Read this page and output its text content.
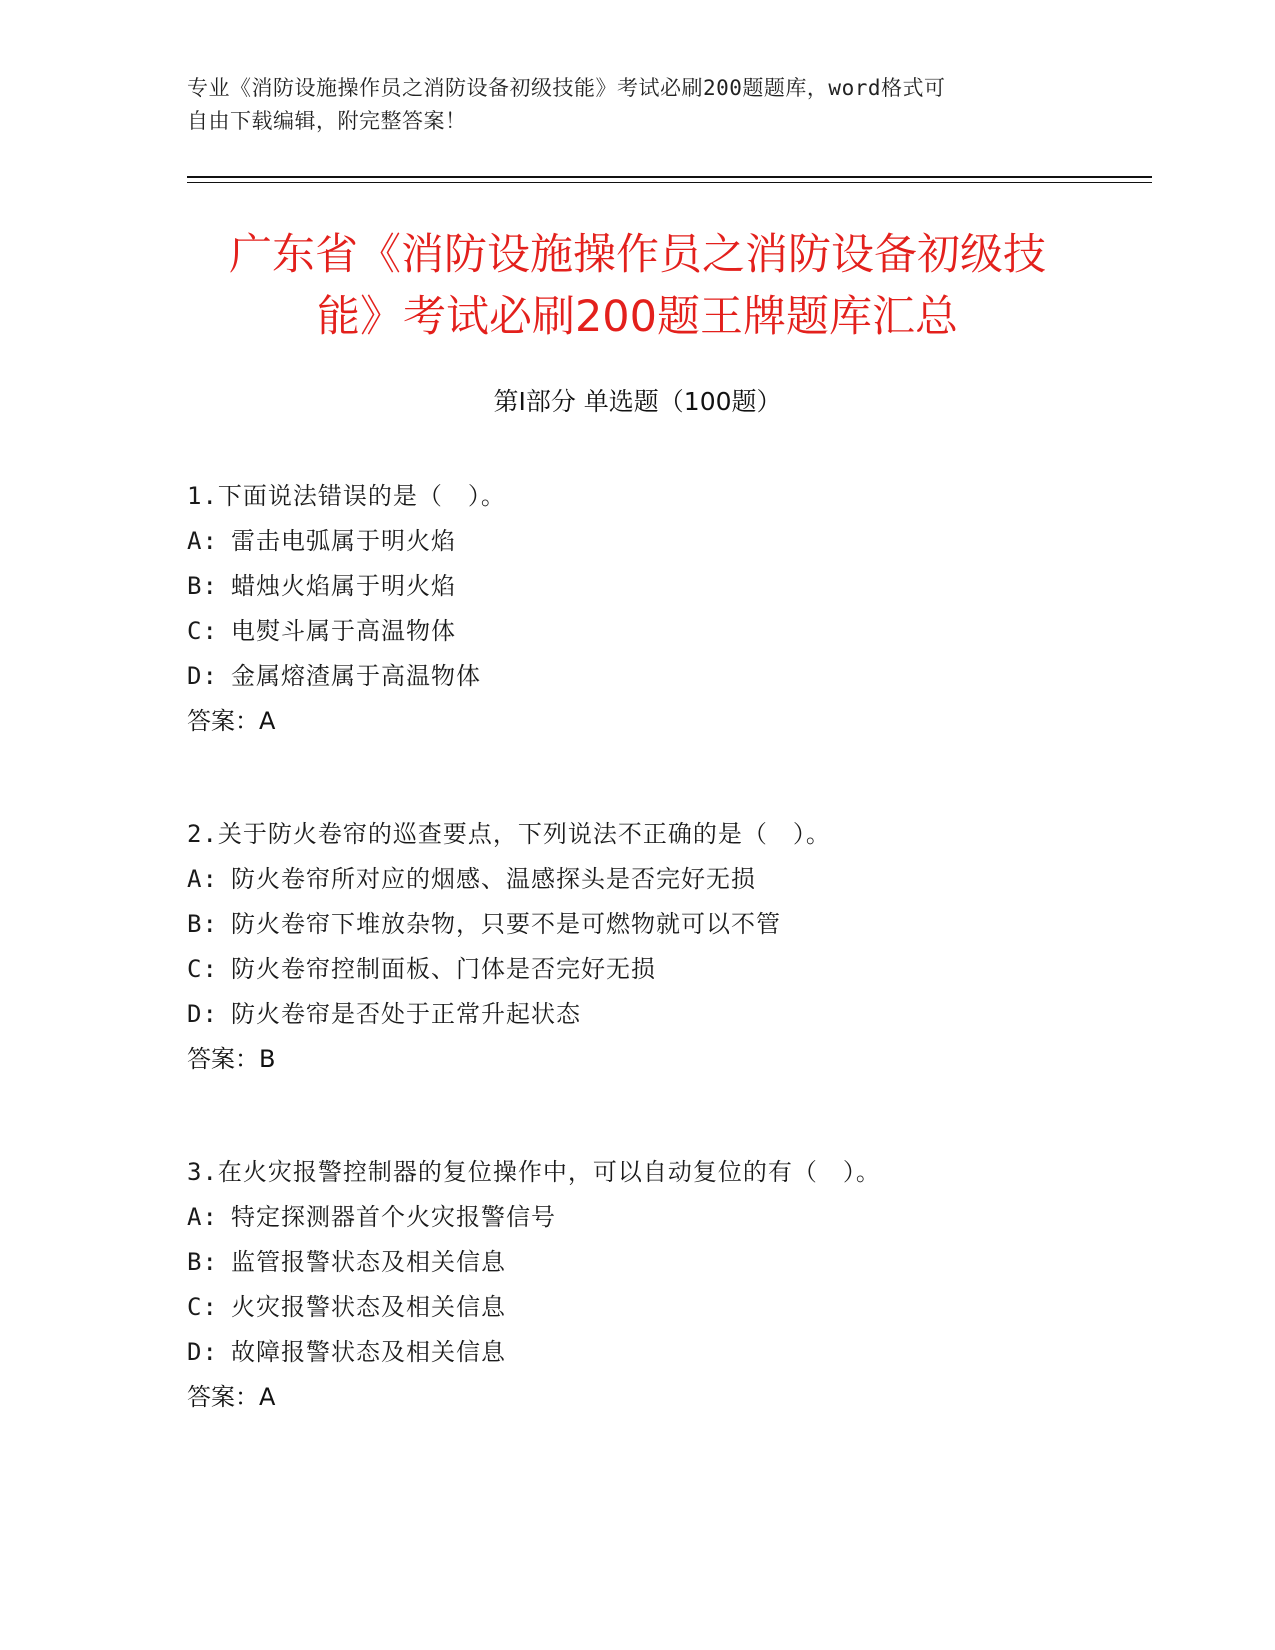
专业《消防设施操作员之消防设备初级技能》考试必刷200题题库，word格式可
自由下载编辑，附完整答案！
广东省《消防设施操作员之消防设备初级技
能》考试必刷200题王牌题库汇总
第Ⅰ部分 单选题（100题）
1.下面说法错误的是（　）。
A: 雷击电弧属于明火焰
B: 蜡烛火焰属于明火焰
C: 电熨斗属于高温物体
D: 金属熔渣属于高温物体
答案：A
2.关于防火卷帘的巡查要点，下列说法不正确的是（　）。
A: 防火卷帘所对应的烟感、温感探头是否完好无损
B: 防火卷帘下堆放杂物，只要不是可燃物就可以不管
C: 防火卷帘控制面板、门体是否完好无损
D: 防火卷帘是否处于正常升起状态
答案：B
3.在火灾报警控制器的复位操作中，可以自动复位的有（　）。
A: 特定探测器首个火灾报警信号
B: 监管报警状态及相关信息
C: 火灾报警状态及相关信息
D: 故障报警状态及相关信息
答案：A
